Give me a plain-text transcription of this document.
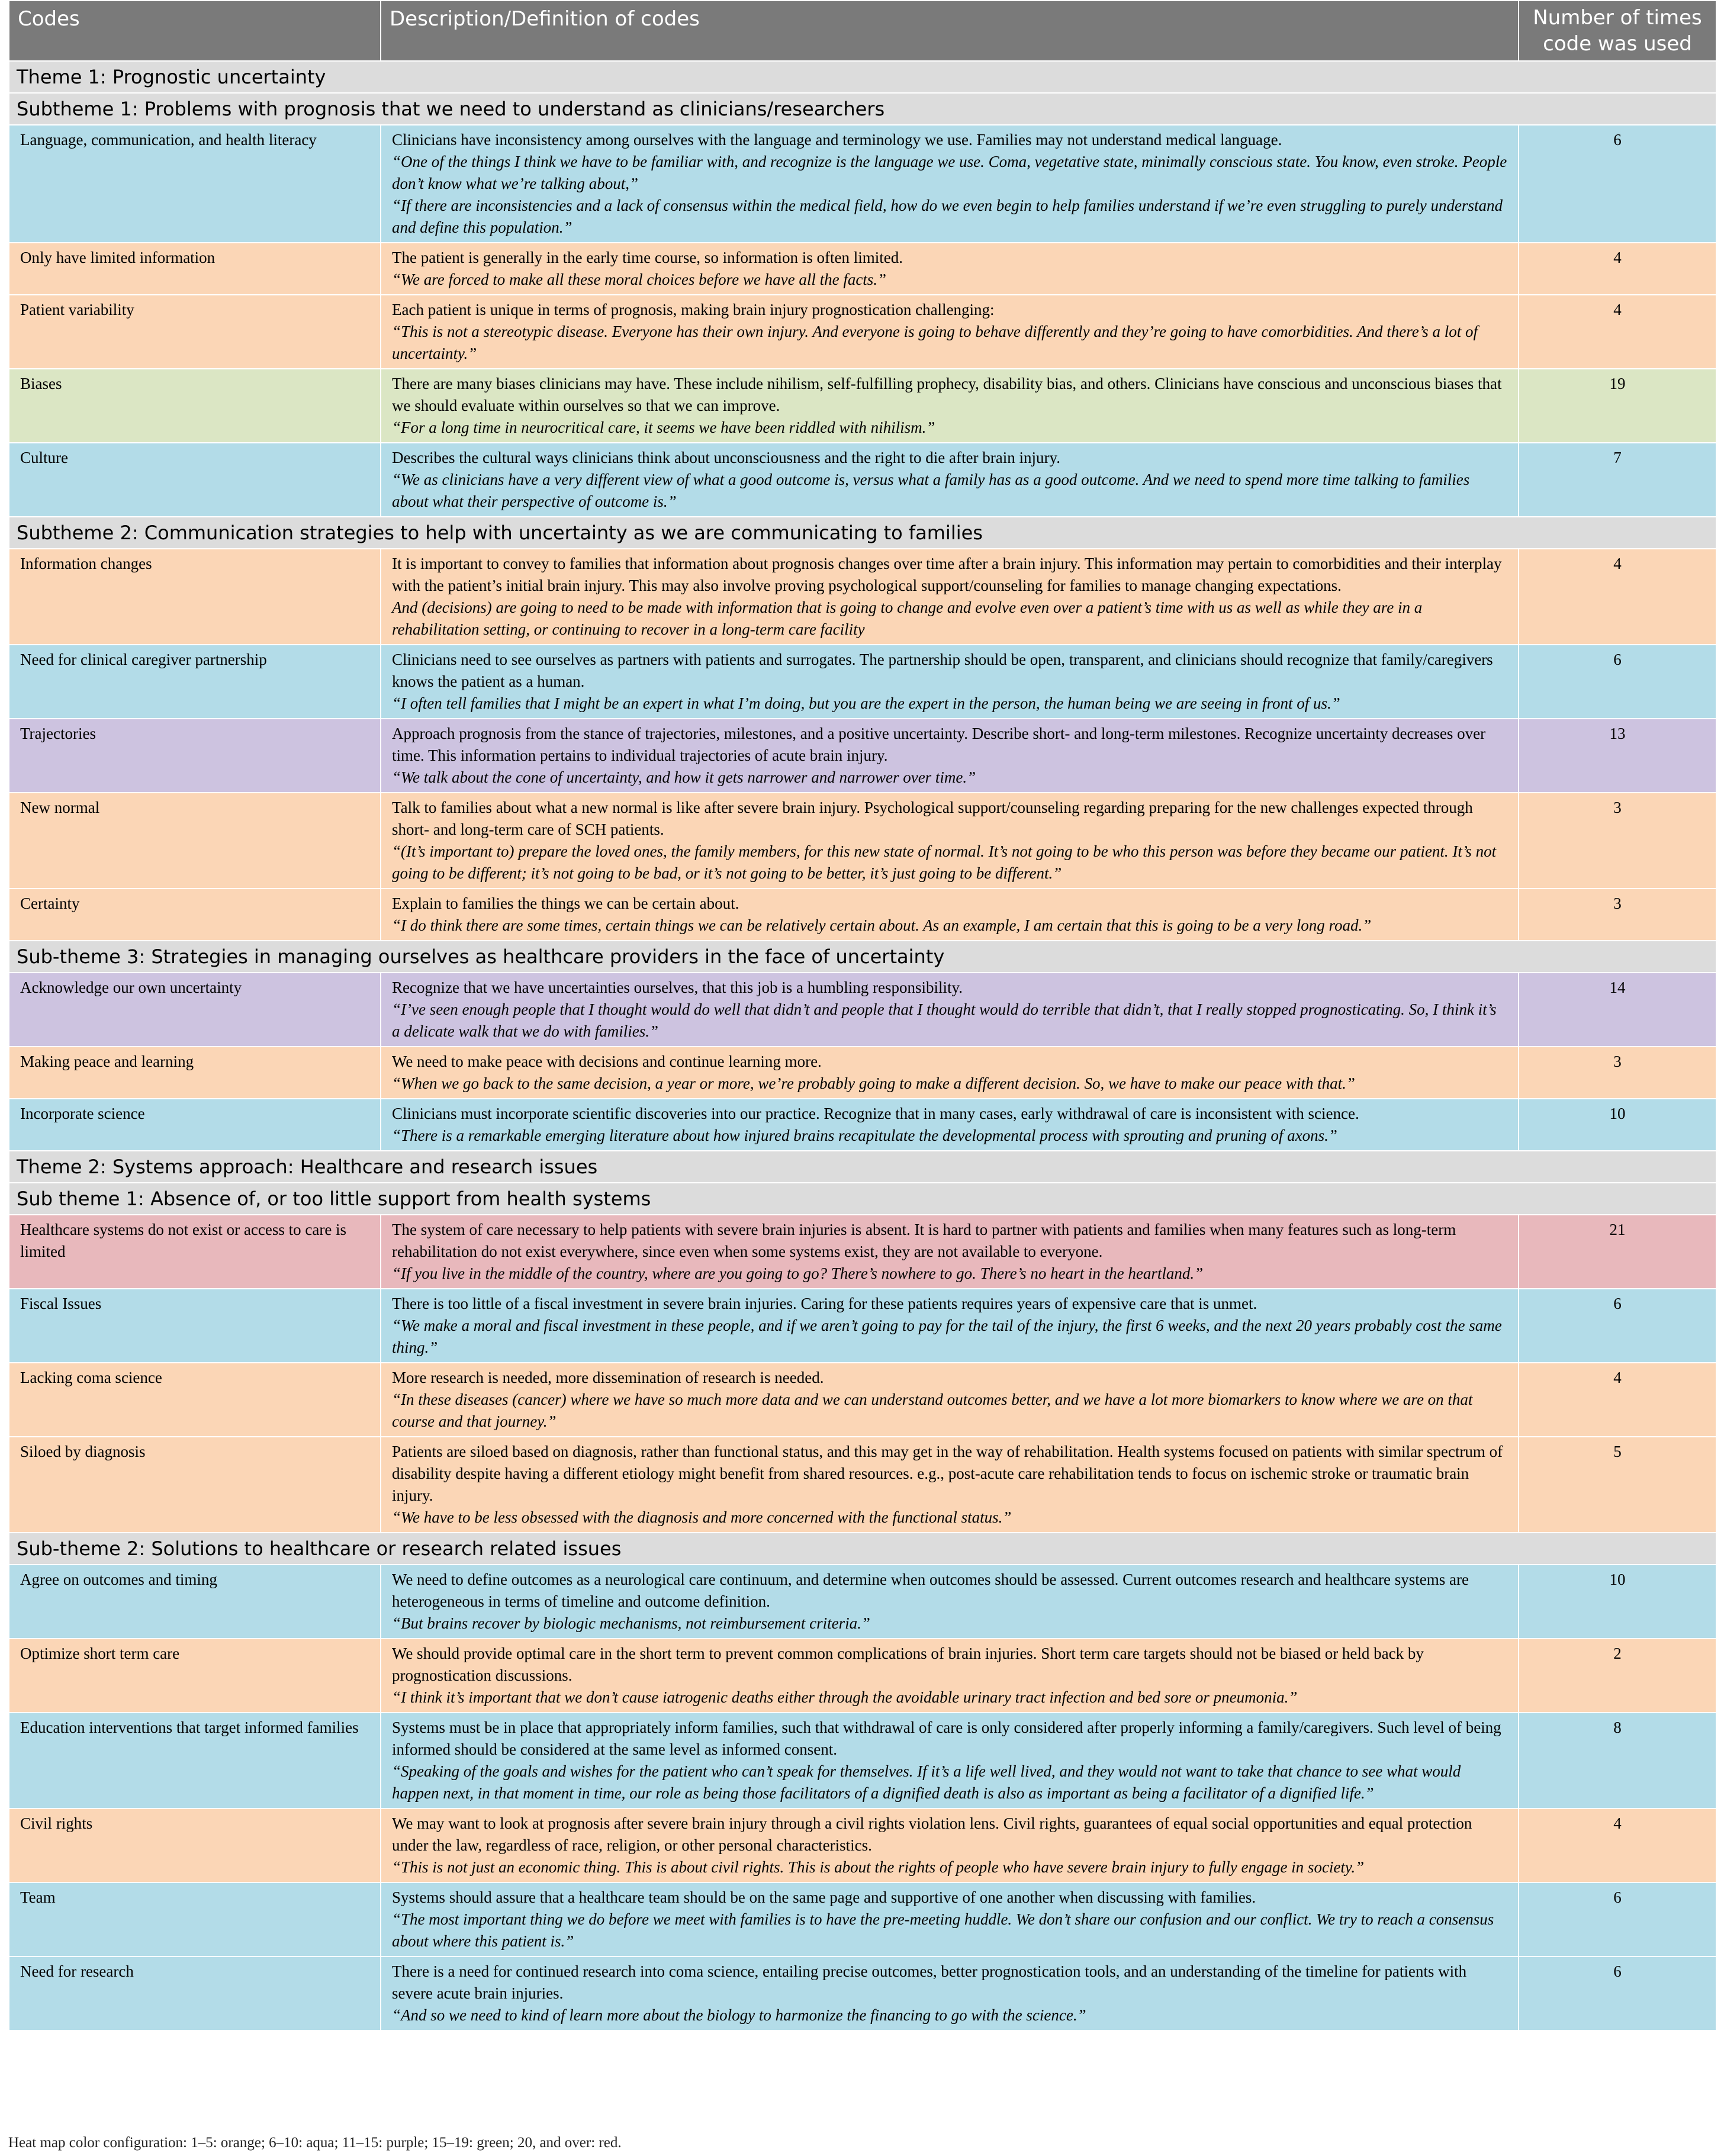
Codes	Description/Definition of codes	Number of times code was used
Theme 1: Prognostic uncertainty		
Subtheme 1: Problems with prognosis that we need to understand as clinicians/researchers		
Language, communication, and health literacy	Clinicians have inconsistency among ourselves with the language and terminology we use. Families may not understand medical language.
“One of the things I think we have to be familiar with, and recognize is the language we use. Coma, vegetative state, minimally conscious state. You know, even stroke. People don’t know what we’re talking about,”
“If there are inconsistencies and a lack of consensus within the medical field, how do we even begin to help families understand if we’re even struggling to purely understand and define this population.”	6
Only have limited information	The patient is generally in the early time course, so information is often limited.
“We are forced to make all these moral choices before we have all the facts.”	4
Patient variability	Each patient is unique in terms of prognosis, making brain injury prognostication challenging:
“This is not a stereotypic disease. Everyone has their own injury. And everyone is going to behave differently and they’re going to have comorbidities. And there’s a lot of uncertainty.”	4
Biases	There are many biases clinicians may have. These include nihilism, self-fulfilling prophecy, disability bias, and others. Clinicians have conscious and unconscious biases that we should evaluate within ourselves so that we can improve.
“For a long time in neurocritical care, it seems we have been riddled with nihilism.”	19
Culture	Describes the cultural ways clinicians think about unconsciousness and the right to die after brain injury.
“We as clinicians have a very different view of what a good outcome is, versus what a family has as a good outcome. And we need to spend more time talking to families about what their perspective of outcome is.”	7
Subtheme 2: Communication strategies to help with uncertainty as we are communicating to families		
Information changes	It is important to convey to families that information about prognosis changes over time after a brain injury. This information may pertain to comorbidities and their interplay with the patient’s initial brain injury. This may also involve proving psychological support/counseling for families to manage changing expectations.
And (decisions) are going to need to be made with information that is going to change and evolve even over a patient’s time with us as well as while they are in a rehabilitation setting, or continuing to recover in a long-term care facility	4
Need for clinical caregiver partnership	Clinicians need to see ourselves as partners with patients and surrogates. The partnership should be open, transparent, and clinicians should recognize that family/caregivers knows the patient as a human.
“I often tell families that I might be an expert in what I’m doing, but you are the expert in the person, the human being we are seeing in front of us.”	6
Trajectories	Approach prognosis from the stance of trajectories, milestones, and a positive uncertainty. Describe short- and long-term milestones. Recognize uncertainty decreases over time. This information pertains to individual trajectories of acute brain injury.
“We talk about the cone of uncertainty, and how it gets narrower and narrower over time.”	13
New normal	Talk to families about what a new normal is like after severe brain injury. Psychological support/counseling regarding preparing for the new challenges expected through short- and long-term care of SCH patients.
“(It’s important to) prepare the loved ones, the family members, for this new state of normal. It’s not going to be who this person was before they became our patient. It’s not going to be different; it’s not going to be bad, or it’s not going to be better, it’s just going to be different.”	3
Certainty	Explain to families the things we can be certain about.
“I do think there are some times, certain things we can be relatively certain about. As an example, I am certain that this is going to be a very long road.”	3
Sub-theme 3: Strategies in managing ourselves as healthcare providers in the face of uncertainty		
Acknowledge our own uncertainty	Recognize that we have uncertainties ourselves, that this job is a humbling responsibility.
“I’ve seen enough people that I thought would do well that didn’t and people that I thought would do terrible that didn’t, that I really stopped prognosticating. So, I think it’s a delicate walk that we do with families.”	14
Making peace and learning	We need to make peace with decisions and continue learning more.
“When we go back to the same decision, a year or more, we’re probably going to make a different decision. So, we have to make our peace with that.”	3
Incorporate science	Clinicians must incorporate scientific discoveries into our practice. Recognize that in many cases, early withdrawal of care is inconsistent with science.
“There is a remarkable emerging literature about how injured brains recapitulate the developmental process with sprouting and pruning of axons.”	10
Theme 2: Systems approach: Healthcare and research issues		
Sub theme 1: Absence of, or too little support from health systems		
Healthcare systems do not exist or access to care is limited	The system of care necessary to help patients with severe brain injuries is absent. It is hard to partner with patients and families when many features such as long-term rehabilitation do not exist everywhere, since even when some systems exist, they are not available to everyone.
“If you live in the middle of the country, where are you going to go? There’s nowhere to go. There’s no heart in the heartland.”	21
Fiscal Issues	There is too little of a fiscal investment in severe brain injuries. Caring for these patients requires years of expensive care that is unmet.
“We make a moral and fiscal investment in these people, and if we aren’t going to pay for the tail of the injury, the first 6 weeks, and the next 20 years probably cost the same thing.”	6
Lacking coma science	More research is needed, more dissemination of research is needed.
“In these diseases (cancer) where we have so much more data and we can understand outcomes better, and we have a lot more biomarkers to know where we are on that course and that journey.”	4
Siloed by diagnosis	Patients are siloed based on diagnosis, rather than functional status, and this may get in the way of rehabilitation. Health systems focused on patients with similar spectrum of disability despite having a different etiology might benefit from shared resources. e.g., post-acute care rehabilitation tends to focus on ischemic stroke or traumatic brain injury.
“We have to be less obsessed with the diagnosis and more concerned with the functional status.”	5
Sub-theme 2: Solutions to healthcare or research related issues		
Agree on outcomes and timing	We need to define outcomes as a neurological care continuum, and determine when outcomes should be assessed. Current outcomes research and healthcare systems are heterogeneous in terms of timeline and outcome definition.
“But brains recover by biologic mechanisms, not reimbursement criteria.”	10
Optimize short term care	We should provide optimal care in the short term to prevent common complications of brain injuries. Short term care targets should not be biased or held back by prognostication discussions.
“I think it’s important that we don’t cause iatrogenic deaths either through the avoidable urinary tract infection and bed sore or pneumonia.”	2
Education interventions that target informed families	Systems must be in place that appropriately inform families, such that withdrawal of care is only considered after properly informing a family/caregivers. Such level of being informed should be considered at the same level as informed consent.
“Speaking of the goals and wishes for the patient who can’t speak for themselves. If it’s a life well lived, and they would not want to take that chance to see what would happen next, in that moment in time, our role as being those facilitators of a dignified death is also as important as being a facilitator of a dignified life.”	8
Civil rights	We may want to look at prognosis after severe brain injury through a civil rights violation lens. Civil rights, guarantees of equal social opportunities and equal protection under the law, regardless of race, religion, or other personal characteristics.
“This is not just an economic thing. This is about civil rights. This is about the rights of people who have severe brain injury to fully engage in society.”	4
Team	Systems should assure that a healthcare team should be on the same page and supportive of one another when discussing with families.
“The most important thing we do before we meet with families is to have the pre-meeting huddle. We don’t share our confusion and our conflict. We try to reach a consensus about where this patient is.”	6
Need for research	There is a need for continued research into coma science, entailing precise outcomes, better prognostication tools, and an understanding of the timeline for patients with severe acute brain injuries.
“And so we need to kind of learn more about the biology to harmonize the financing to go with the science.”	6
Heat map color configuration: 1–5: orange; 6–10: aqua; 11–15: purple; 15–19: green; 20, and over: red.
